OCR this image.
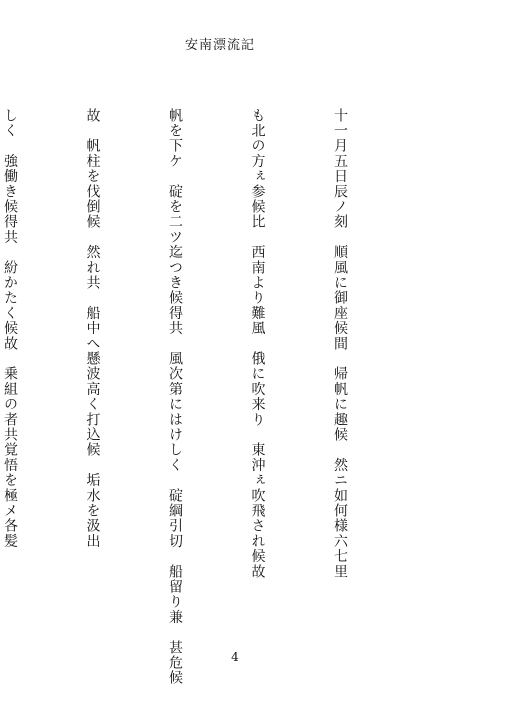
安南漂流記

十一月五日辰ノ刻　順風に御座候間　帰帆に趣候　然ニ如何様六七里

も北の方ぇ参候比　西南より難風　俄に吹来り　東沖ぇ吹飛され候故

帆を下ケ　碇を二ツ迄つき候得共　風次第にはけしく　碇綱引切　船留り兼　甚危候

故　帆柱を伐倒候　然れ共　船中へ懸波高く打込候　垢水を汲出

しく　強働き候得共　紛かたく候故　乗組の者共覚悟を極メ各髪

4
